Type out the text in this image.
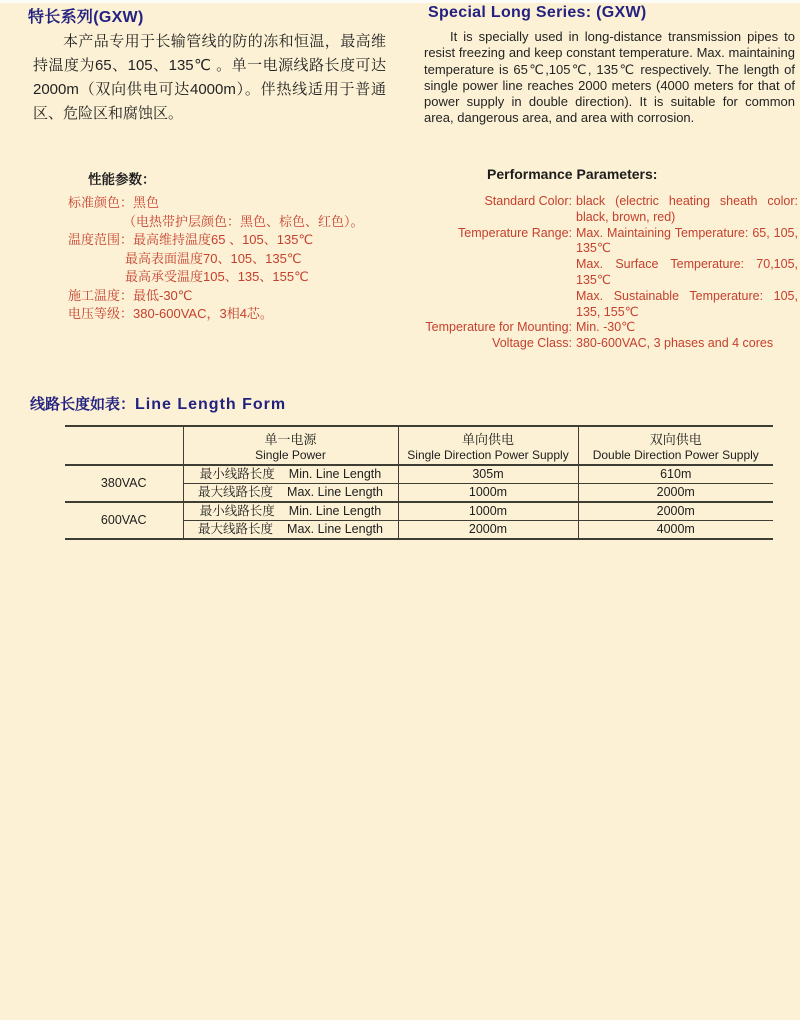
特长系列(GXW)
本产品专用于长输管线的防的冻和恒温，最高维持温度为65、105、135℃ 。单一电源线路长度可达2000m（双向供电可达4000m）。伴热线适用于普通区、危险区和腐蚀区。
Special Long Series: (GXW)
It is specially used in long-distance transmission pipes to resist freezing and keep constant temperature. Max. maintaining temperature is 65℃,105℃, 135℃ respectively. The length of single power line reaches 2000 meters (4000 meters for that of power supply in double direction). It is suitable for common area, dangerous area, and area with corrosion.
性能参数：
标准颜色：黑色
（电热带护层颜色：黑色、棕色、红色）。
温度范围：最高维持温度65 、105、135℃
最高表面温度70、105、135℃
最高承受温度105、135、155℃
施工温度：最低-30℃
电压等级：380-600VAC，3相4芯。
Performance Parameters:
Standard Color: black (electric heating sheath color: black, brown, red)
Temperature Range: Max. Maintaining Temperature: 65, 105, 135℃
Max. Surface Temperature: 70,105, 135℃
Max. Sustainable Temperature: 105, 135, 155℃
Temperature for Mounting: Min. -30℃
Voltage Class: 380-600VAC, 3 phases and 4 cores
线路长度如表：Line Length Form

单一电源
Single Power

单向供电
Single Direction Power Supply

双向供电
Double Direction Power Supply

380VAC	最小线路长度 Min. Line Length	305m	610m
	最大线路长度 Max. Line Length	1000m	2000m
600VAC	最小线路长度 Min. Line Length	1000m	2000m
	最大线路长度 Max. Line Length	2000m	4000m
